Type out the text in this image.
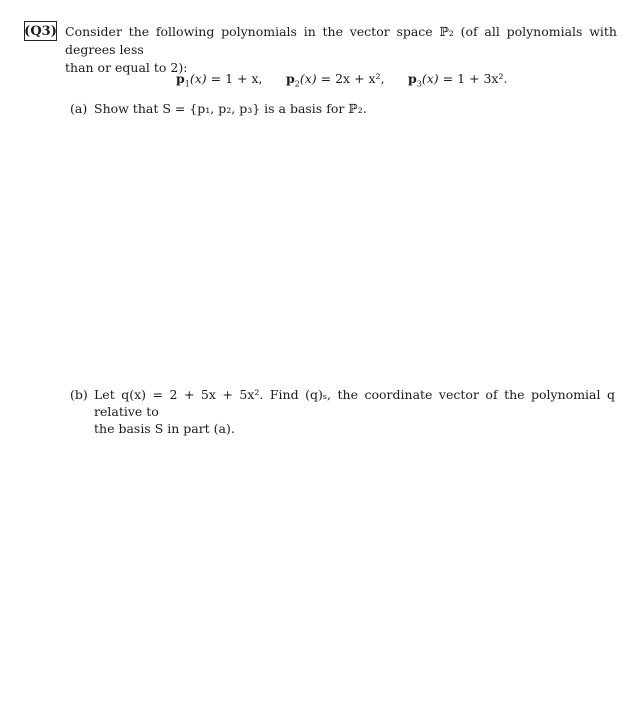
(Q3) Consider the following polynomials in the vector space ℙ₂ (of all polynomials with degrees less
than or equal to 2):
$p_1(x) = 1 + x$, $p_2(x) = 2x + x^2$, $p_3(x) = 1 + 3x^2$.
(a) Show that S = {p₁, p₂, p₃} is a basis for ℙ₂.
(b) Let q(x) = 2 + 5x + 5x². Find (q)ₛ, the coordinate vector of the polynomial q relative to
the basis S in part (a).
